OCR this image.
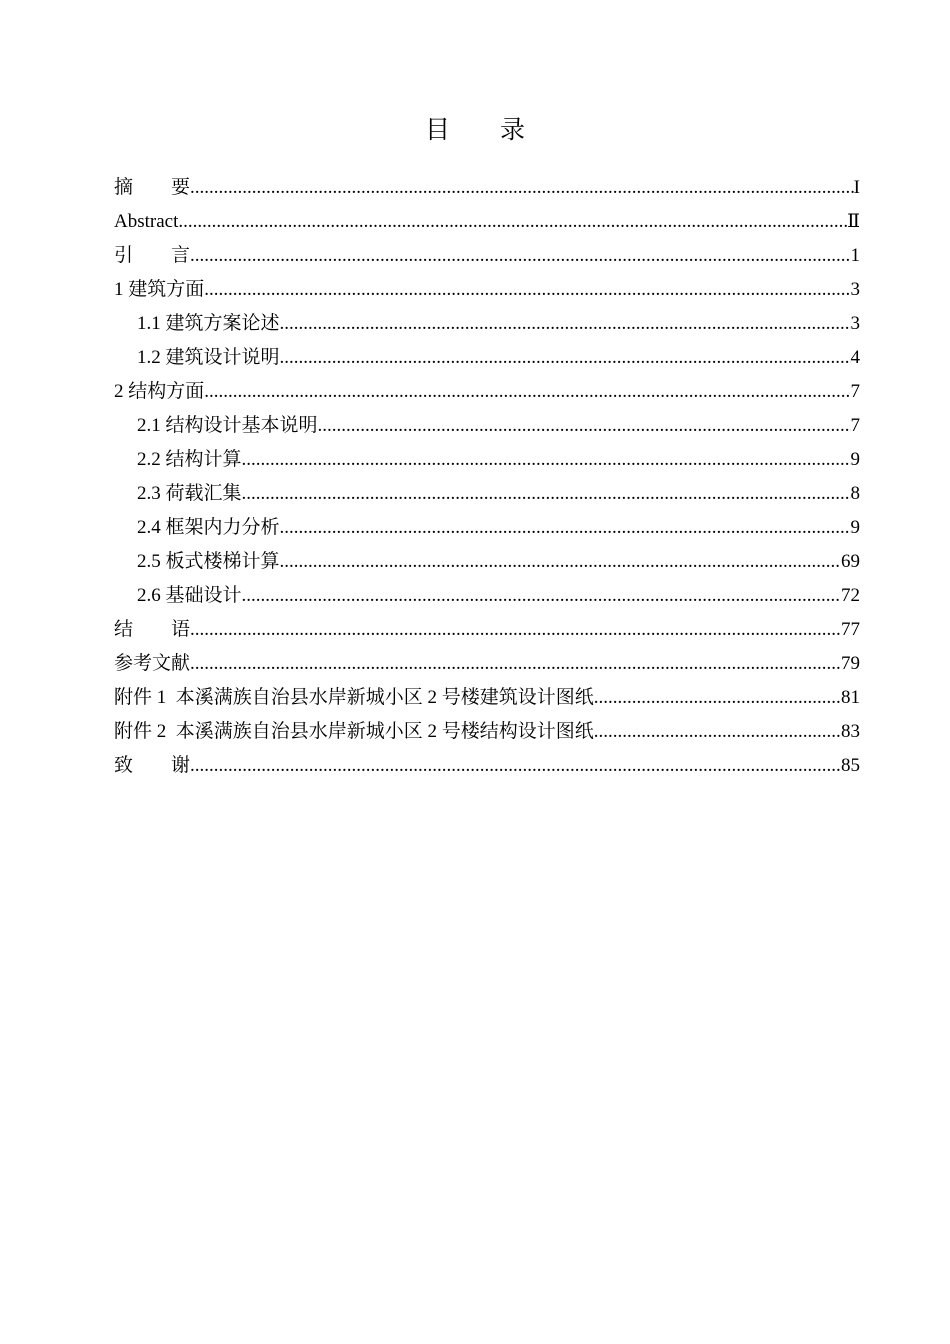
目　　录
摘　　要 .....	I
Abstract .....	Ⅱ
引　　言 .....	1
1 建筑方面 .....	3
1.1 建筑方案论述 .....	3
1.2 建筑设计说明 .....	4
2 结构方面 .....	7
2.1 结构设计基本说明 .....	7
2.2 结构计算 .....	9
2.3 荷载汇集 .....	8
2.4 框架内力分析 .....	9
2.5 板式楼梯计算 .....	69
2.6 基础设计 .....	72
结　　语 .....	77
参考文献 .....	79
附件 1  本溪满族自治县水岸新城小区 2 号楼建筑设计图纸 .....	81
附件 2  本溪满族自治县水岸新城小区 2 号楼结构设计图纸 .....	83
致　　谢 .....	85
